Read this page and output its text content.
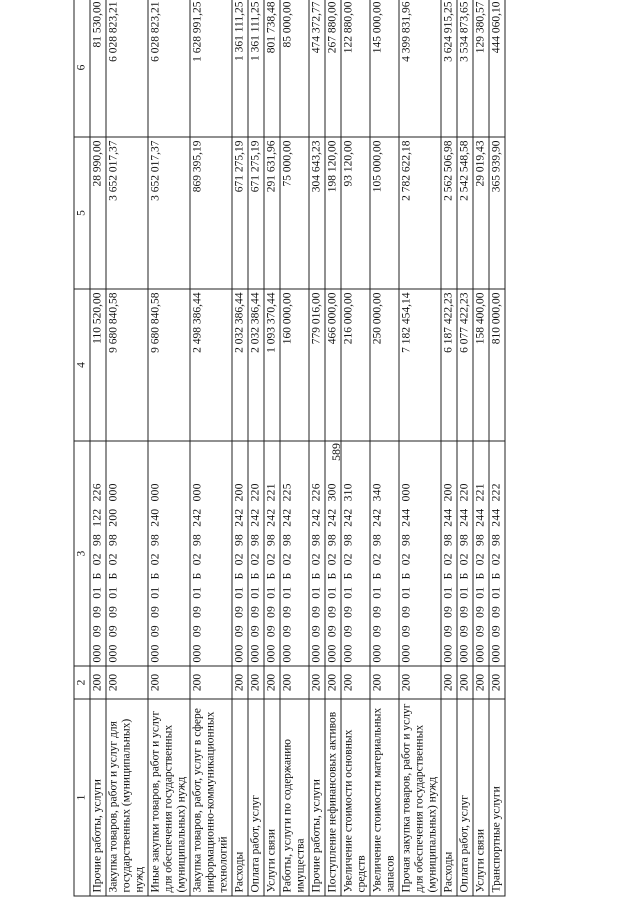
589
1	2	3	4	5	6
Прочие работы, услуги	200	000 09 09 01 Б 02 98 122 226	110 520,00	28 990,00	81 530,00
Закупка товаров, работ и услуг для государственных (муниципальных) нужд	200	000 09 09 01 Б 02 98 200 000	9 680 840,58	3 652 017,37	6 028 823,21
Иные закупки товаров, работ и услуг для обеспечения государственных (муниципальных) нужд	200	000 09 09 01 Б 02 98 240 000	9 680 840,58	3 652 017,37	6 028 823,21
Закупка товаров, работ, услуг в сфере информационно-коммуникационных технологий	200	000 09 09 01 Б 02 98 242 000	2 498 386,44	869 395,19	1 628 991,25
Расходы	200	000 09 09 01 Б 02 98 242 200	2 032 386,44	671 275,19	1 361 111,25
Оплата работ, услуг	200	000 09 09 01 Б 02 98 242 220	2 032 386,44	671 275,19	1 361 111,25
Услуги связи	200	000 09 09 01 Б 02 98 242 221	1 093 370,44	291 631,96	801 738,48
Работы, услуги по содержанию имущества	200	000 09 09 01 Б 02 98 242 225	160 000,00	75 000,00	85 000,00
Прочие работы, услуги	200	000 09 09 01 Б 02 98 242 226	779 016,00	304 643,23	474 372,77
Поступление нефинансовых активов	200	000 09 09 01 Б 02 98 242 300	466 000,00	198 120,00	267 880,00
Увеличение стоимости основных средств	200	000 09 09 01 Б 02 98 242 310	216 000,00	93 120,00	122 880,00
Увеличение стоимости материальных запасов	200	000 09 09 01 Б 02 98 242 340	250 000,00	105 000,00	145 000,00
Прочая закупка товаров, работ и услуг для обеспечения государственных (муниципальных) нужд	200	000 09 09 01 Б 02 98 244 000	7 182 454,14	2 782 622,18	4 399 831,96
Расходы	200	000 09 09 01 Б 02 98 244 200	6 187 422,23	2 562 506,98	3 624 915,25
Оплата работ, услуг	200	000 09 09 01 Б 02 98 244 220	6 077 422,23	2 542 548,58	3 534 873,65
Услуги связи	200	000 09 09 01 Б 02 98 244 221	158 400,00	29 019,43	129 380,57
Транспортные услуги	200	000 09 09 01 Б 02 98 244 222	810 000,00	365 939,90	444 060,10
